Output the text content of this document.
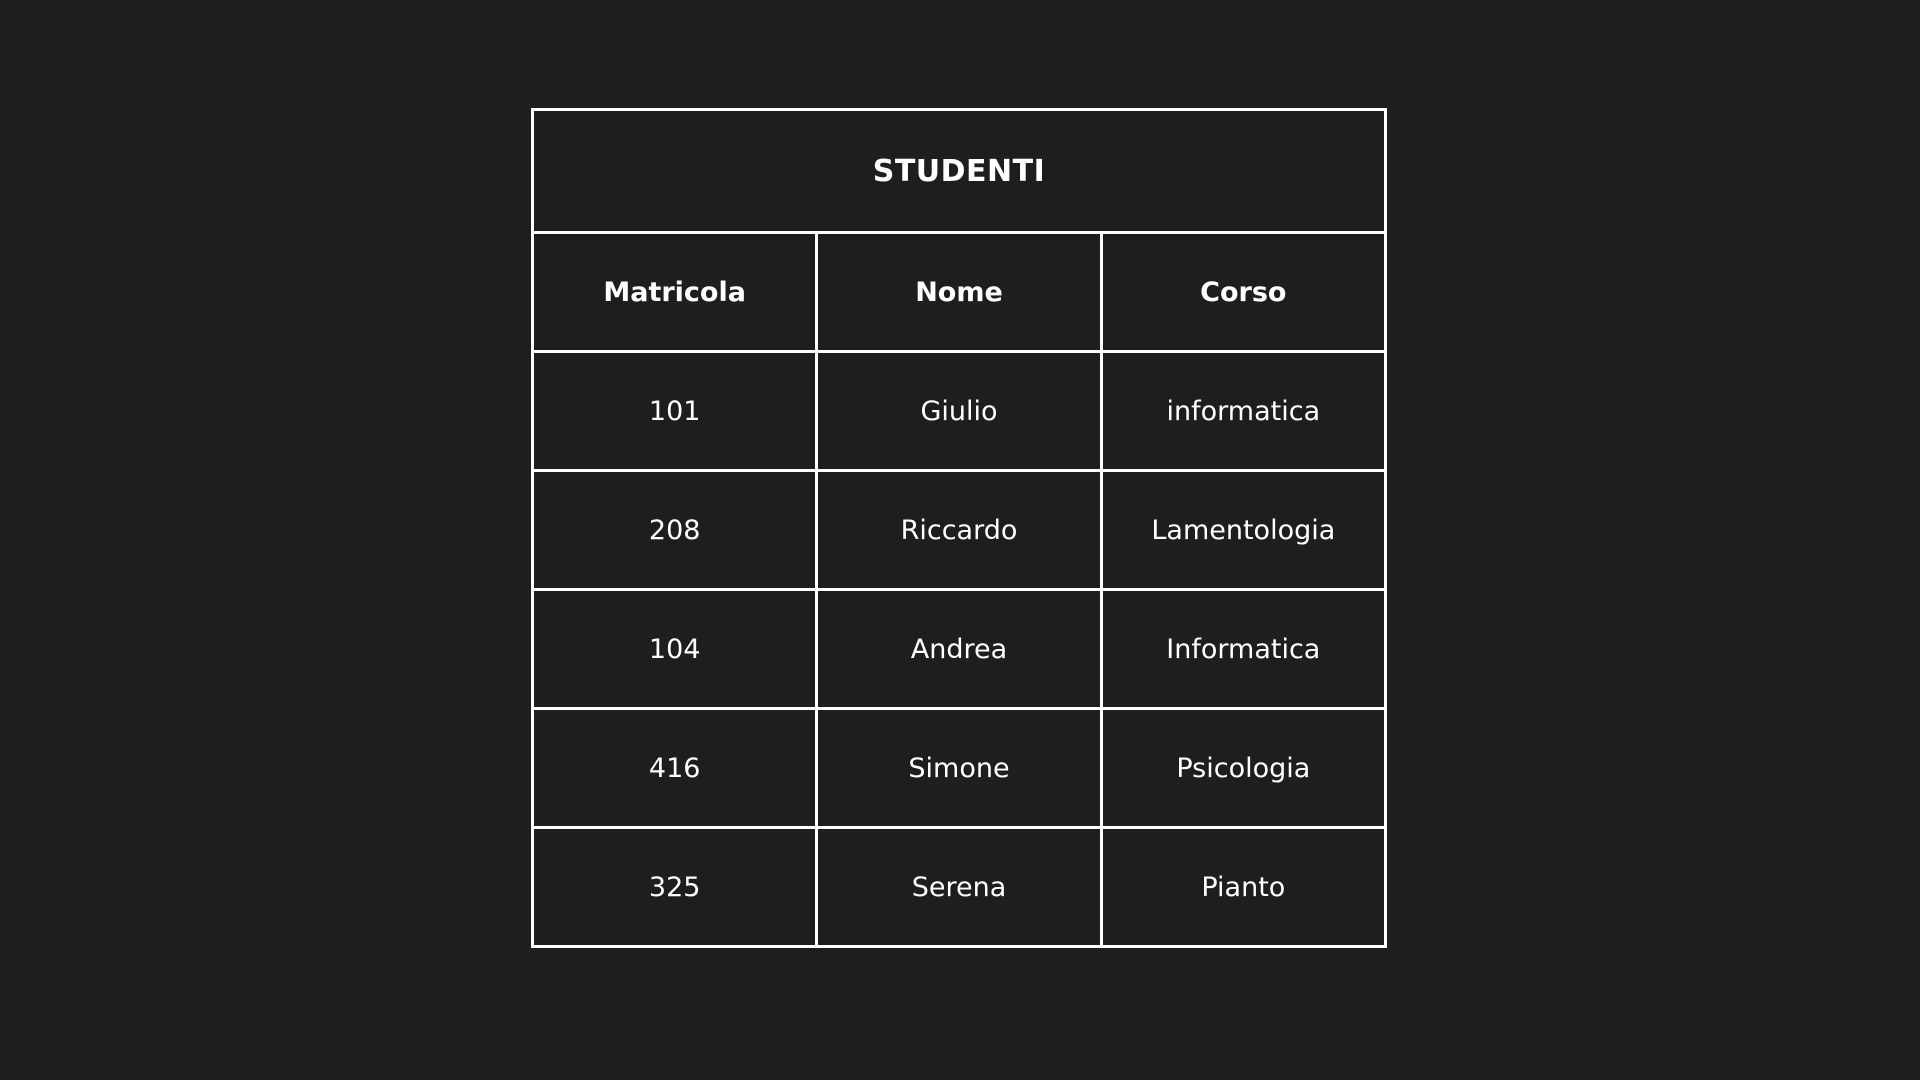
STUDENTI		
Matricola	Nome	Corso
101	Giulio	informatica
208	Riccardo	Lamentologia
104	Andrea	Informatica
416	Simone	Psicologia
325	Serena	Pianto
